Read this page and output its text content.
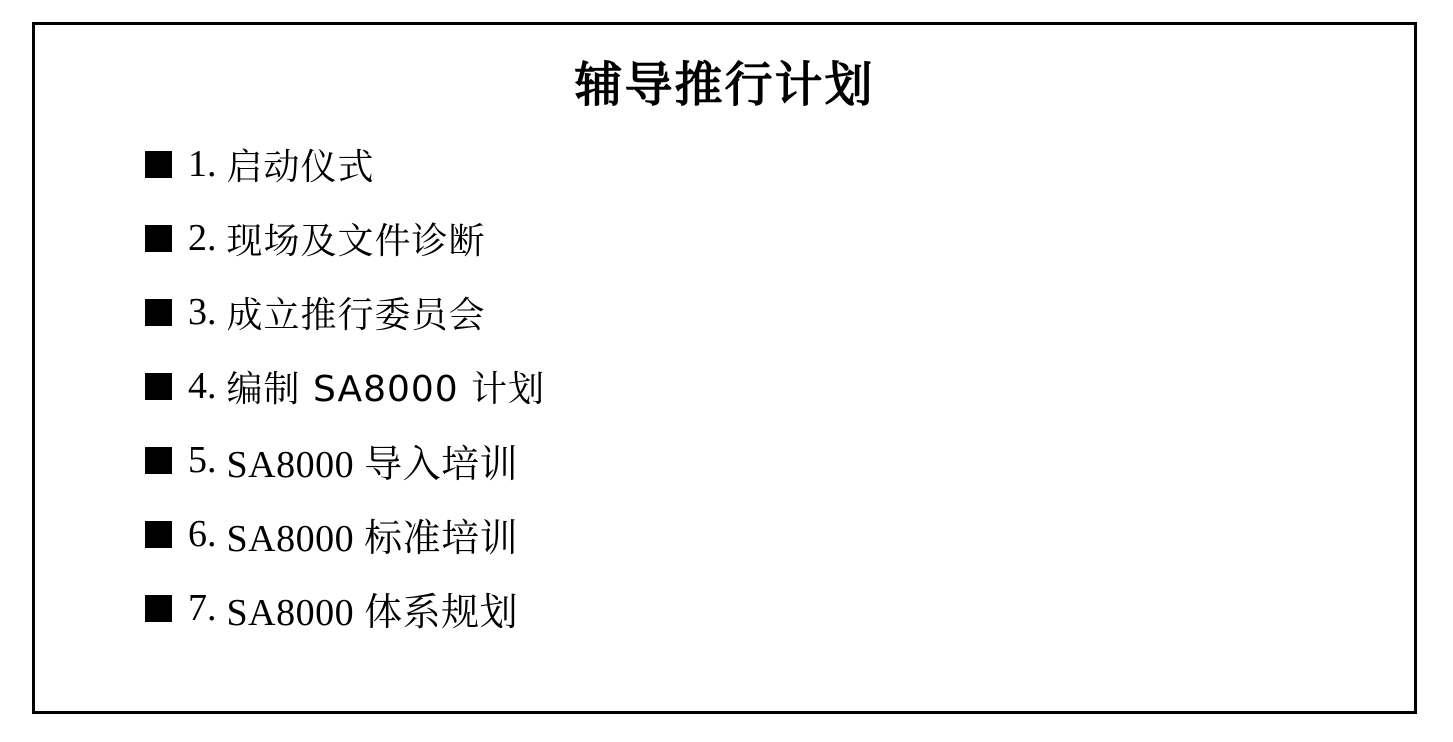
辅导推行计划
1. 启动仪式
2. 现场及文件诊断
3. 成立推行委员会
4. 编制 SA8000 计划
5. SA8000 导入培训
6. SA8000 标准培训
7. SA8000 体系规划
